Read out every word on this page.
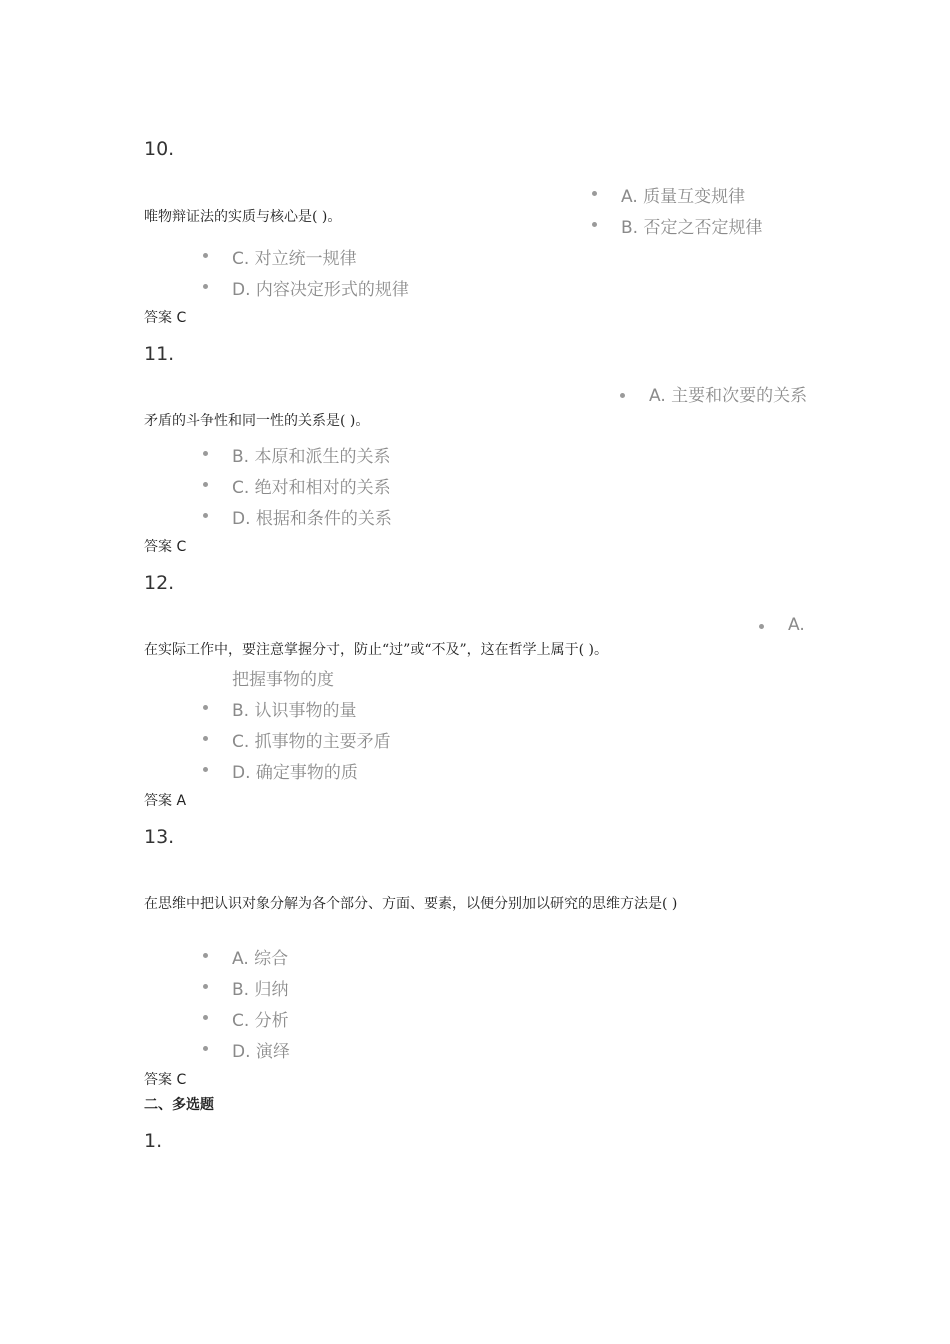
10.
A. 质量互变规律
唯物辩证法的实质与核心是( )。
B. 否定之否定规律
C. 对立统一规律
D. 内容决定形式的规律
答案 C
11.
A. 主要和次要的关系
矛盾的斗争性和同一性的关系是( )。
B. 本原和派生的关系
C. 绝对和相对的关系
D. 根据和条件的关系
答案 C
12.
A.
在实际工作中，要注意掌握分寸，防止“过”或“不及”，这在哲学上属于( )。
把握事物的度
B. 认识事物的量
C. 抓事物的主要矛盾
D. 确定事物的质
答案 A
13.
在思维中把认识对象分解为各个部分、方面、要素，以便分别加以研究的思维方法是( )
A. 综合
B. 归纳
C. 分析
D. 演绎
答案 C
二、多选题
1.
